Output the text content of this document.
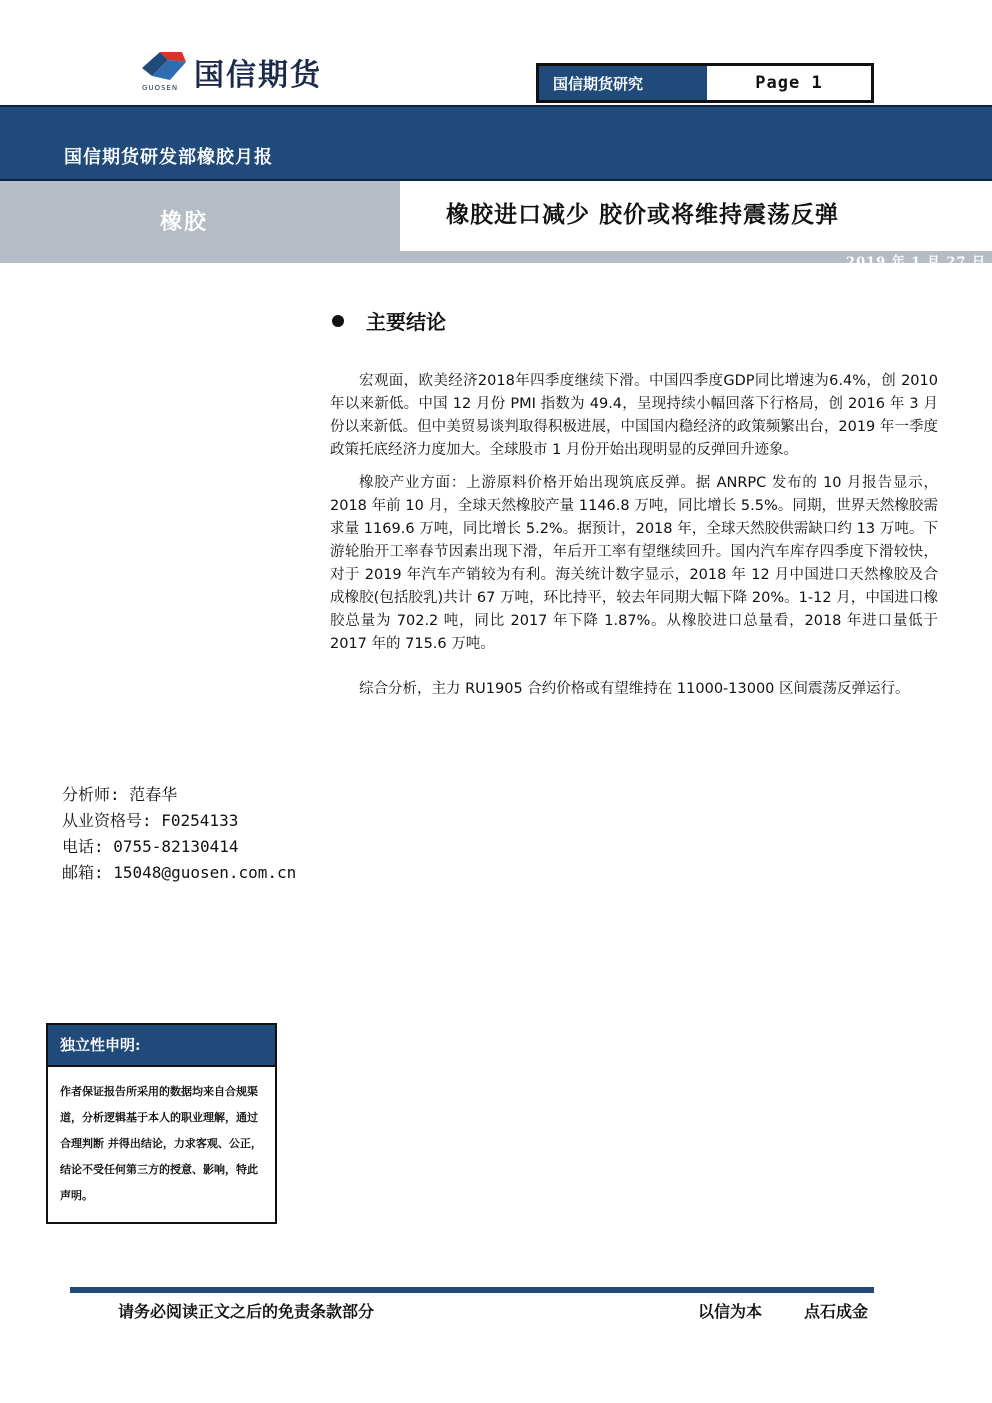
国信期货
GUOSEN	国信期货研究	Page 1
国信期货研发部橡胶月报
橡胶	橡胶进口减少 胶价或将维持震荡反弹
2019 年 1 月 27 日
主要结论

宏观面，欧美经济2018年四季度继续下滑。中国四季度GDP同比增速为6.4%，创 2010 年以来新低。中国 12 月份 PMI 指数为 49.4，呈现持续小幅回落下行格局，创 2016 年 3 月份以来新低。但中美贸易谈判取得积极进展，中国国内稳经济的政策频繁出台，2019 年一季度政策托底经济力度加大。全球股市 1 月份开始出现明显的反弹回升迹象。

橡胶产业方面：上游原料价格开始出现筑底反弹。据 ANRPC 发布的 10 月报告显示，2018 年前 10 月，全球天然橡胶产量 1146.8 万吨，同比增长 5.5%。同期，世界天然橡胶需求量 1169.6 万吨，同比增长 5.2%。据预计，2018 年，全球天然胶供需缺口约 13 万吨。下游轮胎开工率春节因素出现下滑，年后开工率有望继续回升。国内汽车库存四季度下滑较快，对于 2019 年汽车产销较为有利。海关统计数字显示，2018 年 12 月中国进口天然橡胶及合成橡胶(包括胶乳)共计 67 万吨，环比持平，较去年同期大幅下降 20%。1-12 月，中国进口橡胶总量为 702.2 吨，同比 2017 年下降 1.87%。从橡胶进口总量看，2018 年进口量低于 2017 年的 715.6 万吨。

综合分析，主力 RU1905 合约价格或有望维持在 11000-13000 区间震荡反弹运行。

分析师: 范春华
从业资格号: F0254133
电话: 0755-82130414
邮箱: 15048@guosen.com.cn
独立性申明:
作者保证报告所采用的数据均来自合规渠道，分析逻辑基于本人的职业理解，通过合理判断 并得出结论，力求客观、公正，结论不受任何第三方的授意、影响，特此声明。
请务必阅读正文之后的免责条款部分	以信为本	点石成金
